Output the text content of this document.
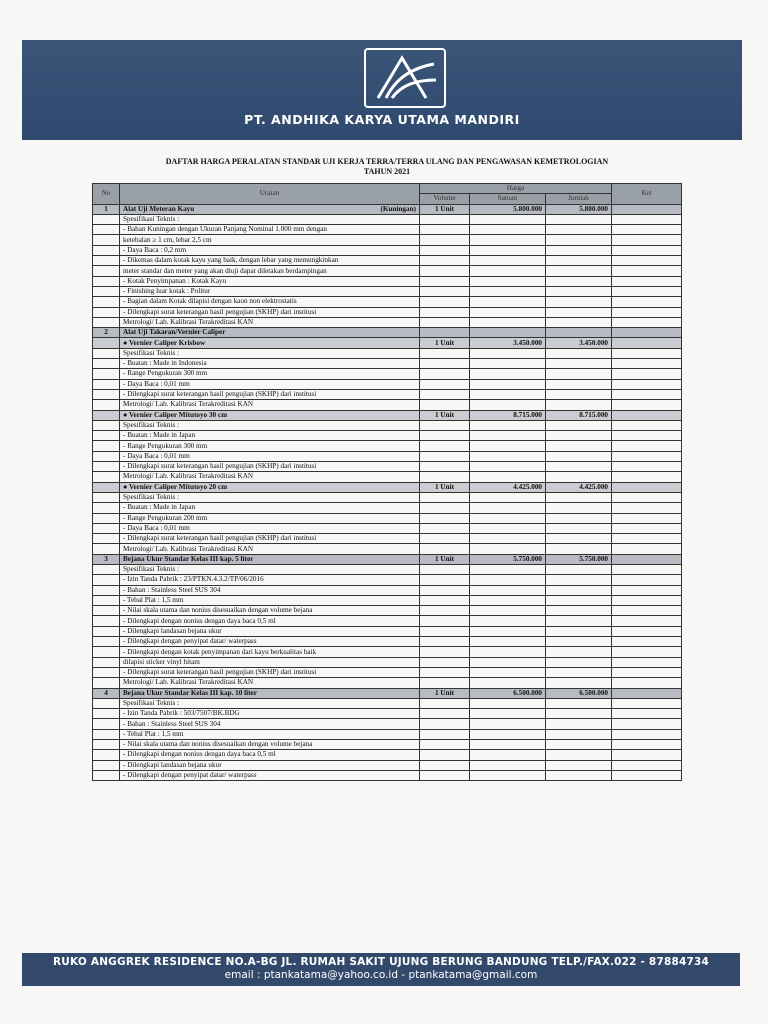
PT. ANDHIKA KARYA UTAMA MANDIRI
DAFTAR HARGA PERALATAN STANDAR UJI KERJA TERRA/TERRA ULANG DAN PENGAWASAN KEMETROLOGIAN
TAHUN 2021
No	Uraian	Harga			Ket
		Volume	Satuan	Jumlah	
1	Alat Uji Meteran Kayu (Kuningan)	1 Unit	5.800.000	5.800.000	

	Spesifikasi Teknis :				

	- Bahan Kuningan dengan Ukuran Panjang Nominal 1.000 mm dengan				

	ketebalan ≥ 1 cm, lebar 2,5 cm				

	- Daya Baca : 0,2 mm				

	- Dikemas dalam kotak kayu yang baik, dengan lebar yang memungkinkan				

	meter standar dan meter yang akan diuji dapat diletakan berdampingan				

	- Kotak Penyimpanan : Kotak Kayu				

	- Finishing luar kotak : Politur				

	- Bagian dalam Kotak dilapisi dengan kaon non elektrostatis				

	- Dilengkapi surat keterangan hasil pengujian (SKHP) dari institusi				

	Metrologi/ Lab. Kalibrasi Terakreditasi KAN				

2	Alat Uji Takaran/Vernier Caliper				

	● Vernier Caliper Krisbow	1 Unit	3.450.000	3.450.000	

	Spesifikasi Teknis :				

	- Buatan : Made in Indonesia				

	- Range Pengukuran 300 mm				

	- Daya Baca : 0,01 mm				

	- Dilengkapi surat keterangan hasil pengujian (SKHP) dari institusi				

	Metrologi/ Lab. Kalibrasi Terakreditasi KAN				

	● Vernier Caliper Mitutoyo 30 cm	1 Unit	8.715.000	8.715.000	

	Spesifikasi Teknis :				

	- Buatan : Made in Japan				

	- Range Pengukuran 300 mm				

	- Daya Baca : 0,01 mm				

	- Dilengkapi surat keterangan hasil pengujian (SKHP) dari institusi				

	Metrologi/ Lab. Kalibrasi Terakreditasi KAN				

	● Vernier Caliper Mitutoyo 20 cm	1 Unit	4.425.000	4.425.000	

	Spesifikasi Teknis :				

	- Buatan : Made in Japan				

	- Range Pengukuran 200 mm				

	- Daya Baca : 0,01 mm				

	- Dilengkapi surat keterangan hasil pengujian (SKHP) dari institusi				

	Metrologi/ Lab. Kalibrasi Terakreditasi KAN				

3	Bejana Ukur Standar Kelas III kap. 5 liter	1 Unit	5.750.000	5.750.000	

	Spesifikasi Teknis :				

	- Izin Tanda Pabrik : 23/PTKN.4.3.2/TP/06/2016				

	- Bahan : Stainless Steel SUS 304				

	- Tebal Plat : 1,5 mm				

	- Nilai skala utama dan nonius disesuaikan dengan volume bejana				

	- Dilengkapi dengan nonius dengan daya baca 0,5 ml				

	- Dilengkapi landasan bejana ukur				

	- Dilengkapi dengan penyipat datar/ waterpass				

	- Dilengkapi dengan kotak penyimpanan dari kayu berkualitas baik				

	dilapisi sticker vinyl hitam				

	- Dilengkapi surat keterangan hasil pengujian (SKHP) dari institusi				

	Metrologi/ Lab. Kalibrasi Terakreditasi KAN				

4	Bejana Ukur Standar Kelas III kap. 10 liter	1 Unit	6.500.000	6.500.000	

	Spesifikasi Teknis :				

	- Izin Tanda Pabrik : 503/7507/BK.BDG				

	- Bahan : Stainless Steel SUS 304				

	- Tebal Plat : 1,5 mm				

	- Nilai skala utama dan nonius disesuaikan dengan volume bejana				

	- Dilengkapi dengan nonius dengan daya baca 0,5 ml				

	- Dilengkapi landasan bejana ukur				

	- Dilengkapi dengan penyipat datar/ waterpass				

RUKO ANGGREK RESIDENCE NO.A-BG JL. RUMAH SAKIT UJUNG BERUNG BANDUNG TELP./FAX.022 - 87884734
email : ptankatama@yahoo.co.id - ptankatama@gmail.com
